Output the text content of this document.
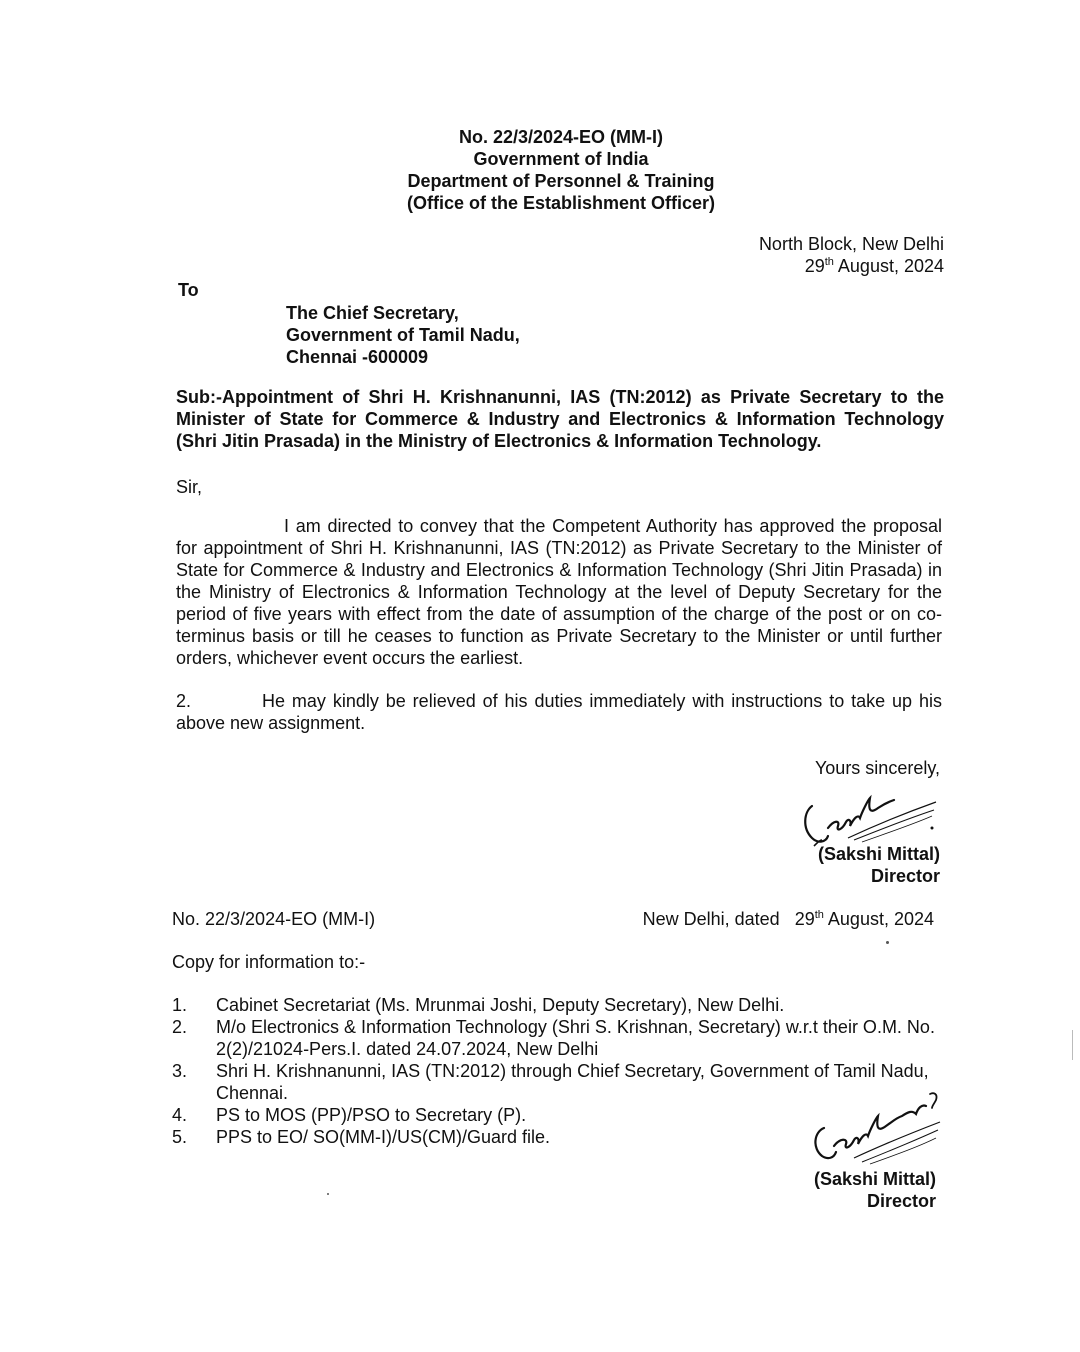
No. 22/3/2024-EO (MM-I)
Government of India
Department of Personnel & Training
(Office of the Establishment Officer)
North Block, New Delhi
29th August, 2024
To
The Chief Secretary,
Government of Tamil Nadu,
Chennai -600009
Sub:-Appointment of Shri H. Krishnanunni, IAS (TN:2012) as Private Secretary to the Minister of State for Commerce & Industry and Electronics & Information Technology (Shri Jitin Prasada) in the Ministry of Electronics & Information Technology.
Sir,
I am directed to convey that the Competent Authority has approved the proposal for appointment of Shri H. Krishnanunni, IAS (TN:2012) as Private Secretary to the Minister of State for Commerce & Industry and Electronics & Information Technology (Shri Jitin Prasada) in the Ministry of Electronics & Information Technology at the level of Deputy Secretary for the period of five years with effect from the date of assumption of the charge of the post or on co-terminus basis or till he ceases to function as Private Secretary to the Minister or until further orders, whichever event occurs the earliest.
2.	He may kindly be relieved of his duties immediately with instructions to take up his above new assignment.
Yours sincerely,
(Sakshi Mittal)
Director
No. 22/3/2024-EO (MM-I)	New Delhi, dated   29th August, 2024
Copy for information to:-
1. Cabinet Secretariat (Ms. Mrunmai Joshi, Deputy Secretary), New Delhi.
2. M/o Electronics & Information Technology (Shri S. Krishnan, Secretary) w.r.t their O.M. No. 2(2)/21024-Pers.I. dated 24.07.2024, New Delhi
3. Shri H. Krishnanunni, IAS (TN:2012) through Chief Secretary, Government of Tamil Nadu, Chennai.
4. PS to MOS (PP)/PSO to Secretary (P).
5. PPS to EO/ SO(MM-I)/US(CM)/Guard file.
(Sakshi Mittal)
Director
